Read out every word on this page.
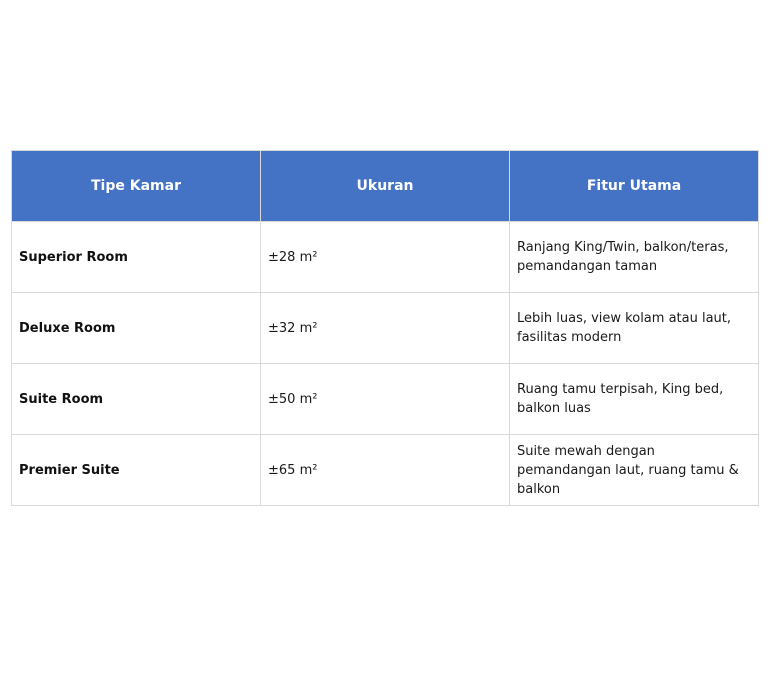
Tipe Kamar	Ukuran	Fitur Utama
Superior Room	±28 m²	Ranjang King/Twin, balkon/teras, pemandangan taman
Deluxe Room	±32 m²	Lebih luas, view kolam atau laut, fasilitas modern
Suite Room	±50 m²	Ruang tamu terpisah, King bed, balkon luas
Premier Suite	±65 m²	Suite mewah dengan pemandangan laut, ruang tamu & balkon
